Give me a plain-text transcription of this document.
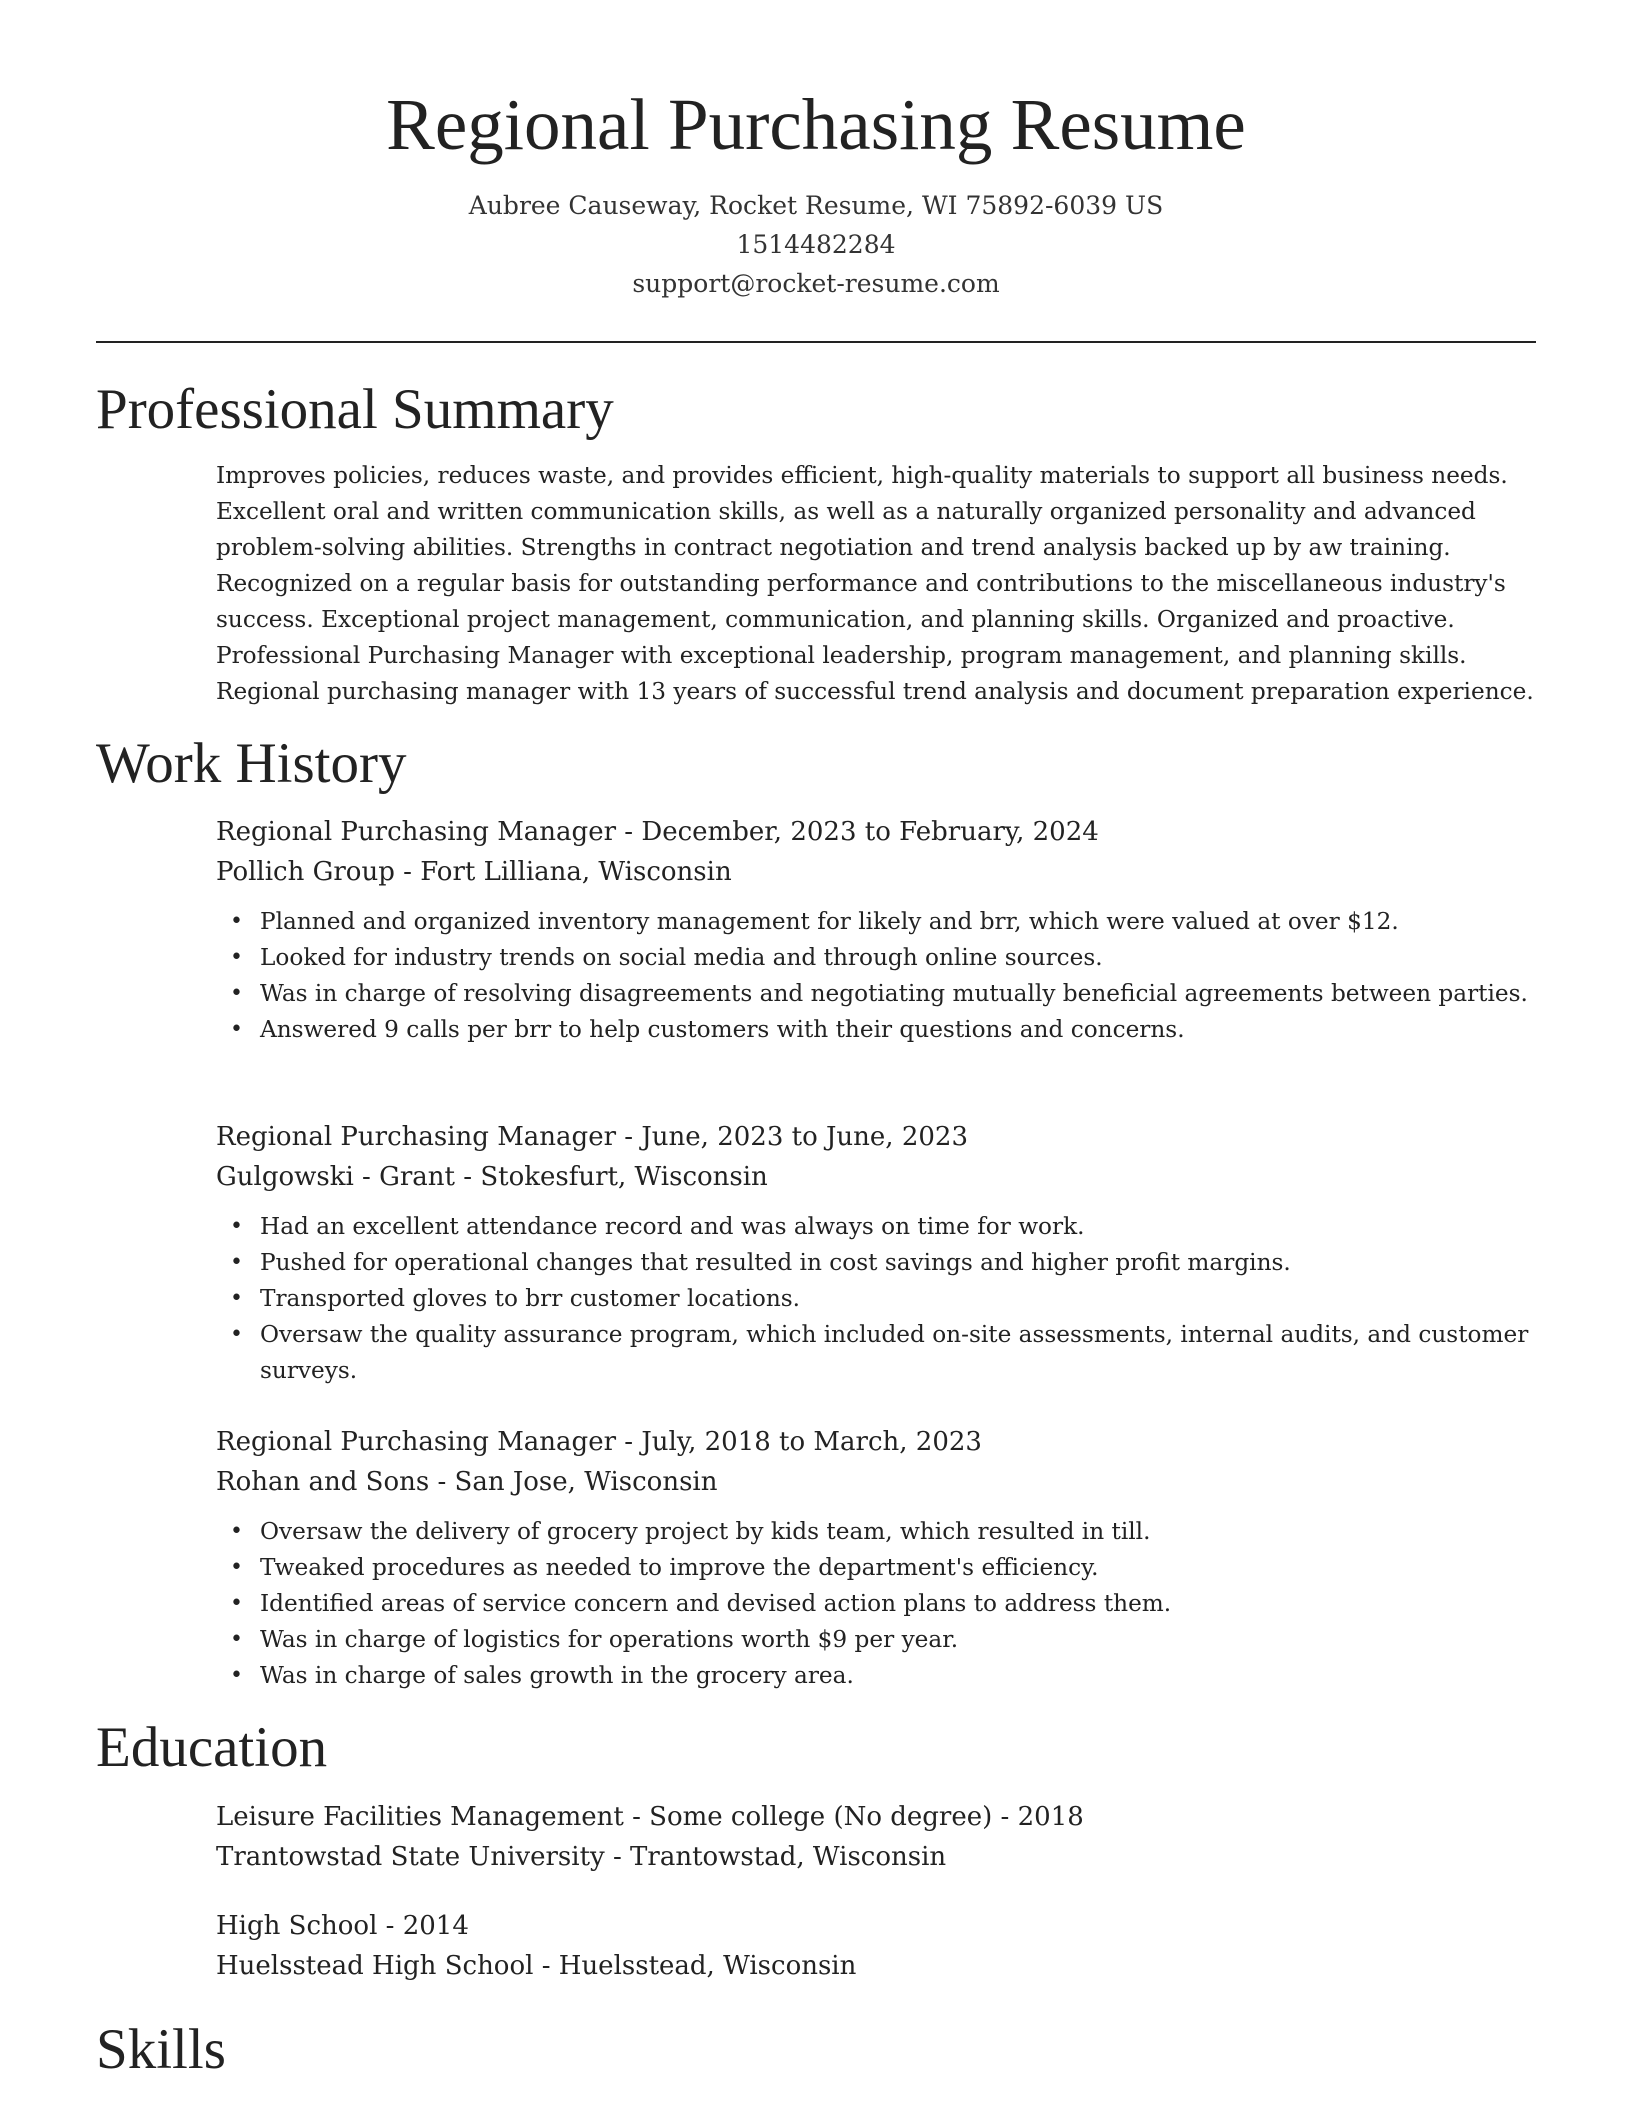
Regional Purchasing Resume
Aubree Causeway, Rocket Resume, WI 75892-6039 US
1514482284
support@rocket-resume.com
Professional Summary

Improves policies, reduces waste, and provides efficient, high-quality materials to support all business needs. Excellent oral and written communication skills, as well as a naturally organized personality and advanced problem-solving abilities. Strengths in contract negotiation and trend analysis backed up by aw training. Recognized on a regular basis for outstanding performance and contributions to the miscellaneous industry's success. Exceptional project management, communication, and planning skills. Organized and proactive. Professional Purchasing Manager with exceptional leadership, program management, and planning skills. Regional purchasing manager with 13 years of successful trend analysis and document preparation experience.

Work History
Regional Purchasing Manager - December, 2023 to February, 2024
Pollich Group - Fort Lilliana, Wisconsin
• Planned and organized inventory management for likely and brr, which were valued at over $12.
• Looked for industry trends on social media and through online sources.
• Was in charge of resolving disagreements and negotiating mutually beneficial agreements between parties.
• Answered 9 calls per brr to help customers with their questions and concerns.
Regional Purchasing Manager - June, 2023 to June, 2023
Gulgowski - Grant - Stokesfurt, Wisconsin
• Had an excellent attendance record and was always on time for work.
• Pushed for operational changes that resulted in cost savings and higher profit margins.
• Transported gloves to brr customer locations.
• Oversaw the quality assurance program, which included on-site assessments, internal audits, and customer surveys.
Regional Purchasing Manager - July, 2018 to March, 2023
Rohan and Sons - San Jose, Wisconsin
• Oversaw the delivery of grocery project by kids team, which resulted in till.
• Tweaked procedures as needed to improve the department's efficiency.
• Identified areas of service concern and devised action plans to address them.
• Was in charge of logistics for operations worth $9 per year.
• Was in charge of sales growth in the grocery area.
Education
Leisure Facilities Management - Some college (No degree) - 2018
Trantowstad State University - Trantowstad, Wisconsin
High School - 2014
Huelsstead High School - Huelsstead, Wisconsin
Skills
